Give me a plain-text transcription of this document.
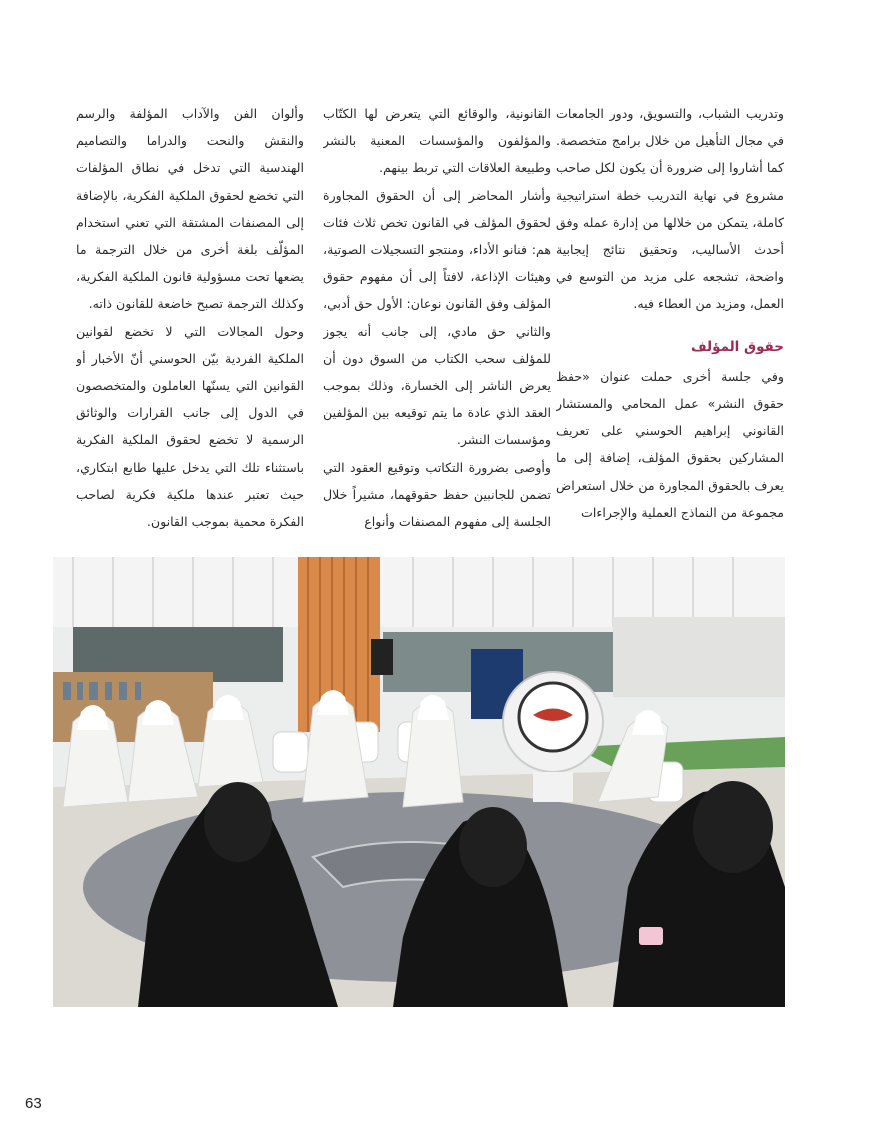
وتدريب الشباب، والتسويق، ودور الجامعات في مجال التأهيل من خلال برامج متخصصة. كما أشاروا إلى ضرورة أن يكون لكل صاحب مشروع في نهاية التدريب خطة استراتيجية كاملة، يتمكن من خلالها من إدارة عمله وفق أحدث الأساليب، وتحقيق نتائج إيجابية واضحة، تشجعه على مزيد من التوسع في العمل، ومزيد من العطاء فيه.

حقوق المؤلف

وفي جلسة أخرى حملت عنوان «حفظ حقوق النشر» عمل المحامي والمستشار القانوني إبراهيم الحوسني على تعريف المشاركين بحقوق المؤلف، إضافة إلى ما يعرف بالحقوق المجاورة من خلال استعراض مجموعة من النماذج العملية والإجراءات

القانونية، والوقائع التي يتعرض لها الكتّاب والمؤلفون والمؤسسات المعنية بالنشر وطبيعة العلاقات التي تربط بينهم.

وأشار المحاضر إلى أن الحقوق المجاورة لحقوق المؤلف في القانون تخص ثلاث فئات هم: فنانو الأداء، ومنتجو التسجيلات الصوتية، وهيئات الإذاعة، لافتاً إلى أن مفهوم حقوق المؤلف وفق القانون نوعان: الأول حق أدبي، والثاني حق مادي، إلى جانب أنه يجوز للمؤلف سحب الكتاب من السوق دون أن يعرض الناشر إلى الخسارة، وذلك بموجب العقد الذي عادة ما يتم توقيعه بين المؤلفين ومؤسسات النشر.

وأوصى بضرورة التكاتب وتوقيع العقود التي تضمن للجانبين حفظ حقوقهما، مشيراً خلال الجلسة إلى مفهوم المصنفات وأنواع

وألوان الفن والآداب المؤلفة والرسم والنقش والنحت والدراما والتصاميم الهندسية التي تدخل في نطاق المؤلفات التي تخضع لحقوق الملكية الفكرية، بالإضافة إلى المصنفات المشتقة التي تعني استخدام المؤلّف بلغة أخرى من خلال الترجمة ما يضعها تحت مسؤولية قانون الملكية الفكرية، وكذلك الترجمة تصبح خاضعة للقانون ذاته.

وحول المجالات التي لا تخضع لقوانين الملكية الفردية بيّن الحوسني أنّ الأخبار أو القوانين التي يسنّها العاملون والمتخصصون في الدول إلى جانب القرارات والوثائق الرسمية لا تخضع لحقوق الملكية الفكرية باستثناء تلك التي يدخل عليها طابع ابتكاري، حيث تعتبر عندها ملكية فكرية لصاحب الفكرة محمية بموجب القانون.

63
